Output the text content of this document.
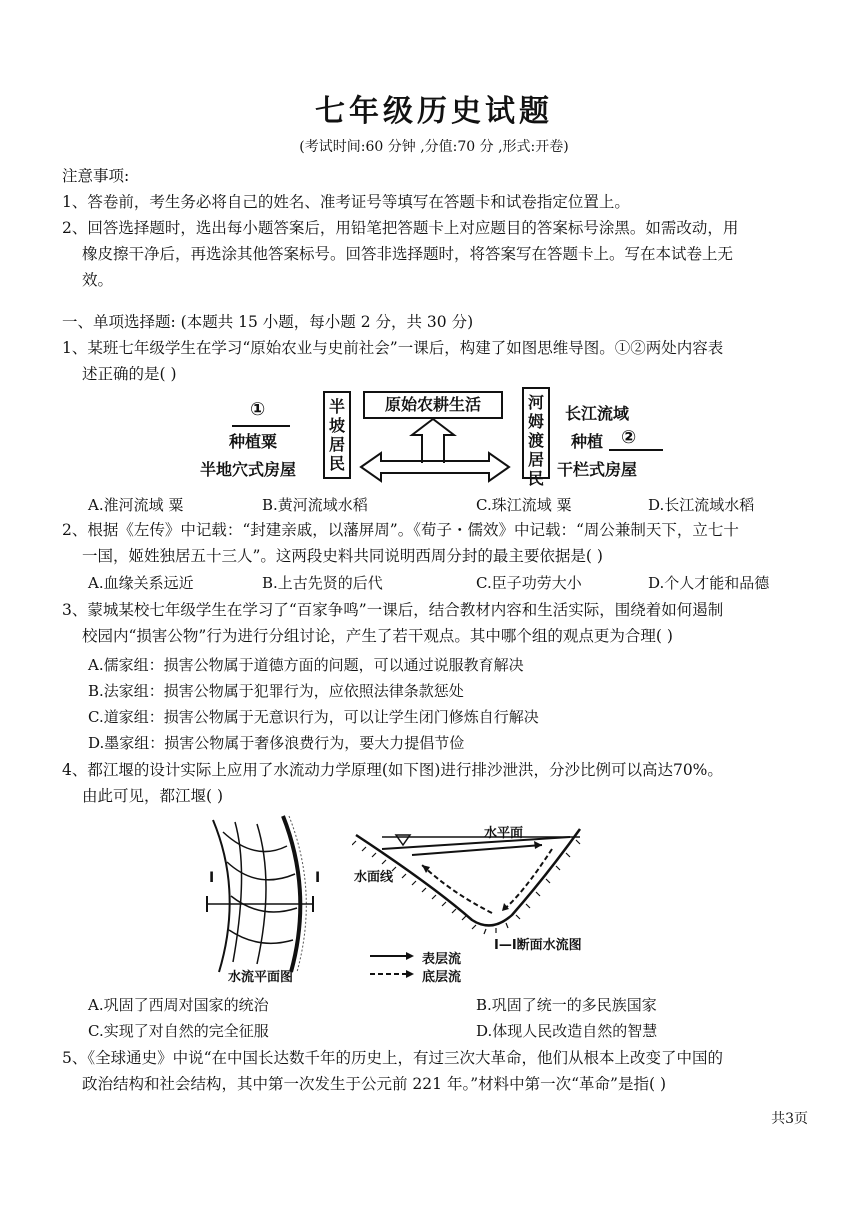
七年级历史试题
(考试时间:60 分钟 ,分值:70 分 ,形式:开卷)
注意事项:
1、答卷前，考生务必将自己的姓名、准考证号等填写在答题卡和试卷指定位置上。
2、回答选择题时，选出每小题答案后，用铅笔把答题卡上对应题目的答案标号涂黑。如需改动，用
橡皮擦干净后，再选涂其他答案标号。回答非选择题时，将答案写在答题卡上。写在本试卷上无
效。
一、单项选择题: (本题共 15 小题，每小题 2 分，共 30 分)
1、某班七年级学生在学习“原始农业与史前社会”一课后，构建了如图思维导图。①②两处内容表
述正确的是( )
①
种植粟
半地穴式房屋
半坡居民
原始农耕生活	河姆渡居民
长江流域
种植 ②
干栏式房屋
A.淮河流域 粟	B.黄河流域水稻	C.珠江流域 粟	D.长江流域水稻
2、根据《左传》中记载：“封建亲戚，以藩屏周”。《荀子・儒效》中记载：“周公兼制天下，立七十
一国，姬姓独居五十三人”。这两段史料共同说明西周分封的最主要依据是( )
A.血缘关系远近	B.上古先贤的后代	C.臣子功劳大小	D.个人才能和品德
3、蒙城某校七年级学生在学习了“百家争鸣”一课后，结合教材内容和生活实际，围绕着如何遏制
校园内“损害公物”行为进行分组讨论，产生了若干观点。其中哪个组的观点更为合理( )
A.儒家组：损害公物属于道德方面的问题，可以通过说服教育解决
B.法家组：损害公物属于犯罪行为，应依照法律条款惩处
C.道家组：损害公物属于无意识行为，可以让学生闭门修炼自行解决
D.墨家组：损害公物属于奢侈浪费行为，要大力提倡节俭
4、都江堰的设计实际上应用了水流动力学原理(如下图)进行排沙泄洪，分沙比例可以高达70%。
由此可见，都江堰( )
I	I
水流平面图
水平面
水面线
I—I断面水流图
表层流
底层流
A.巩固了西周对国家的统治	B.巩固了统一的多民族国家
C.实现了对自然的完全征服	D.体现人民改造自然的智慧
5、《全球通史》中说“在中国长达数千年的历史上，有过三次大革命，他们从根本上改变了中国的
政治结构和社会结构，其中第一次发生于公元前 221 年。”材料中第一次“革命”是指( )
共3页
